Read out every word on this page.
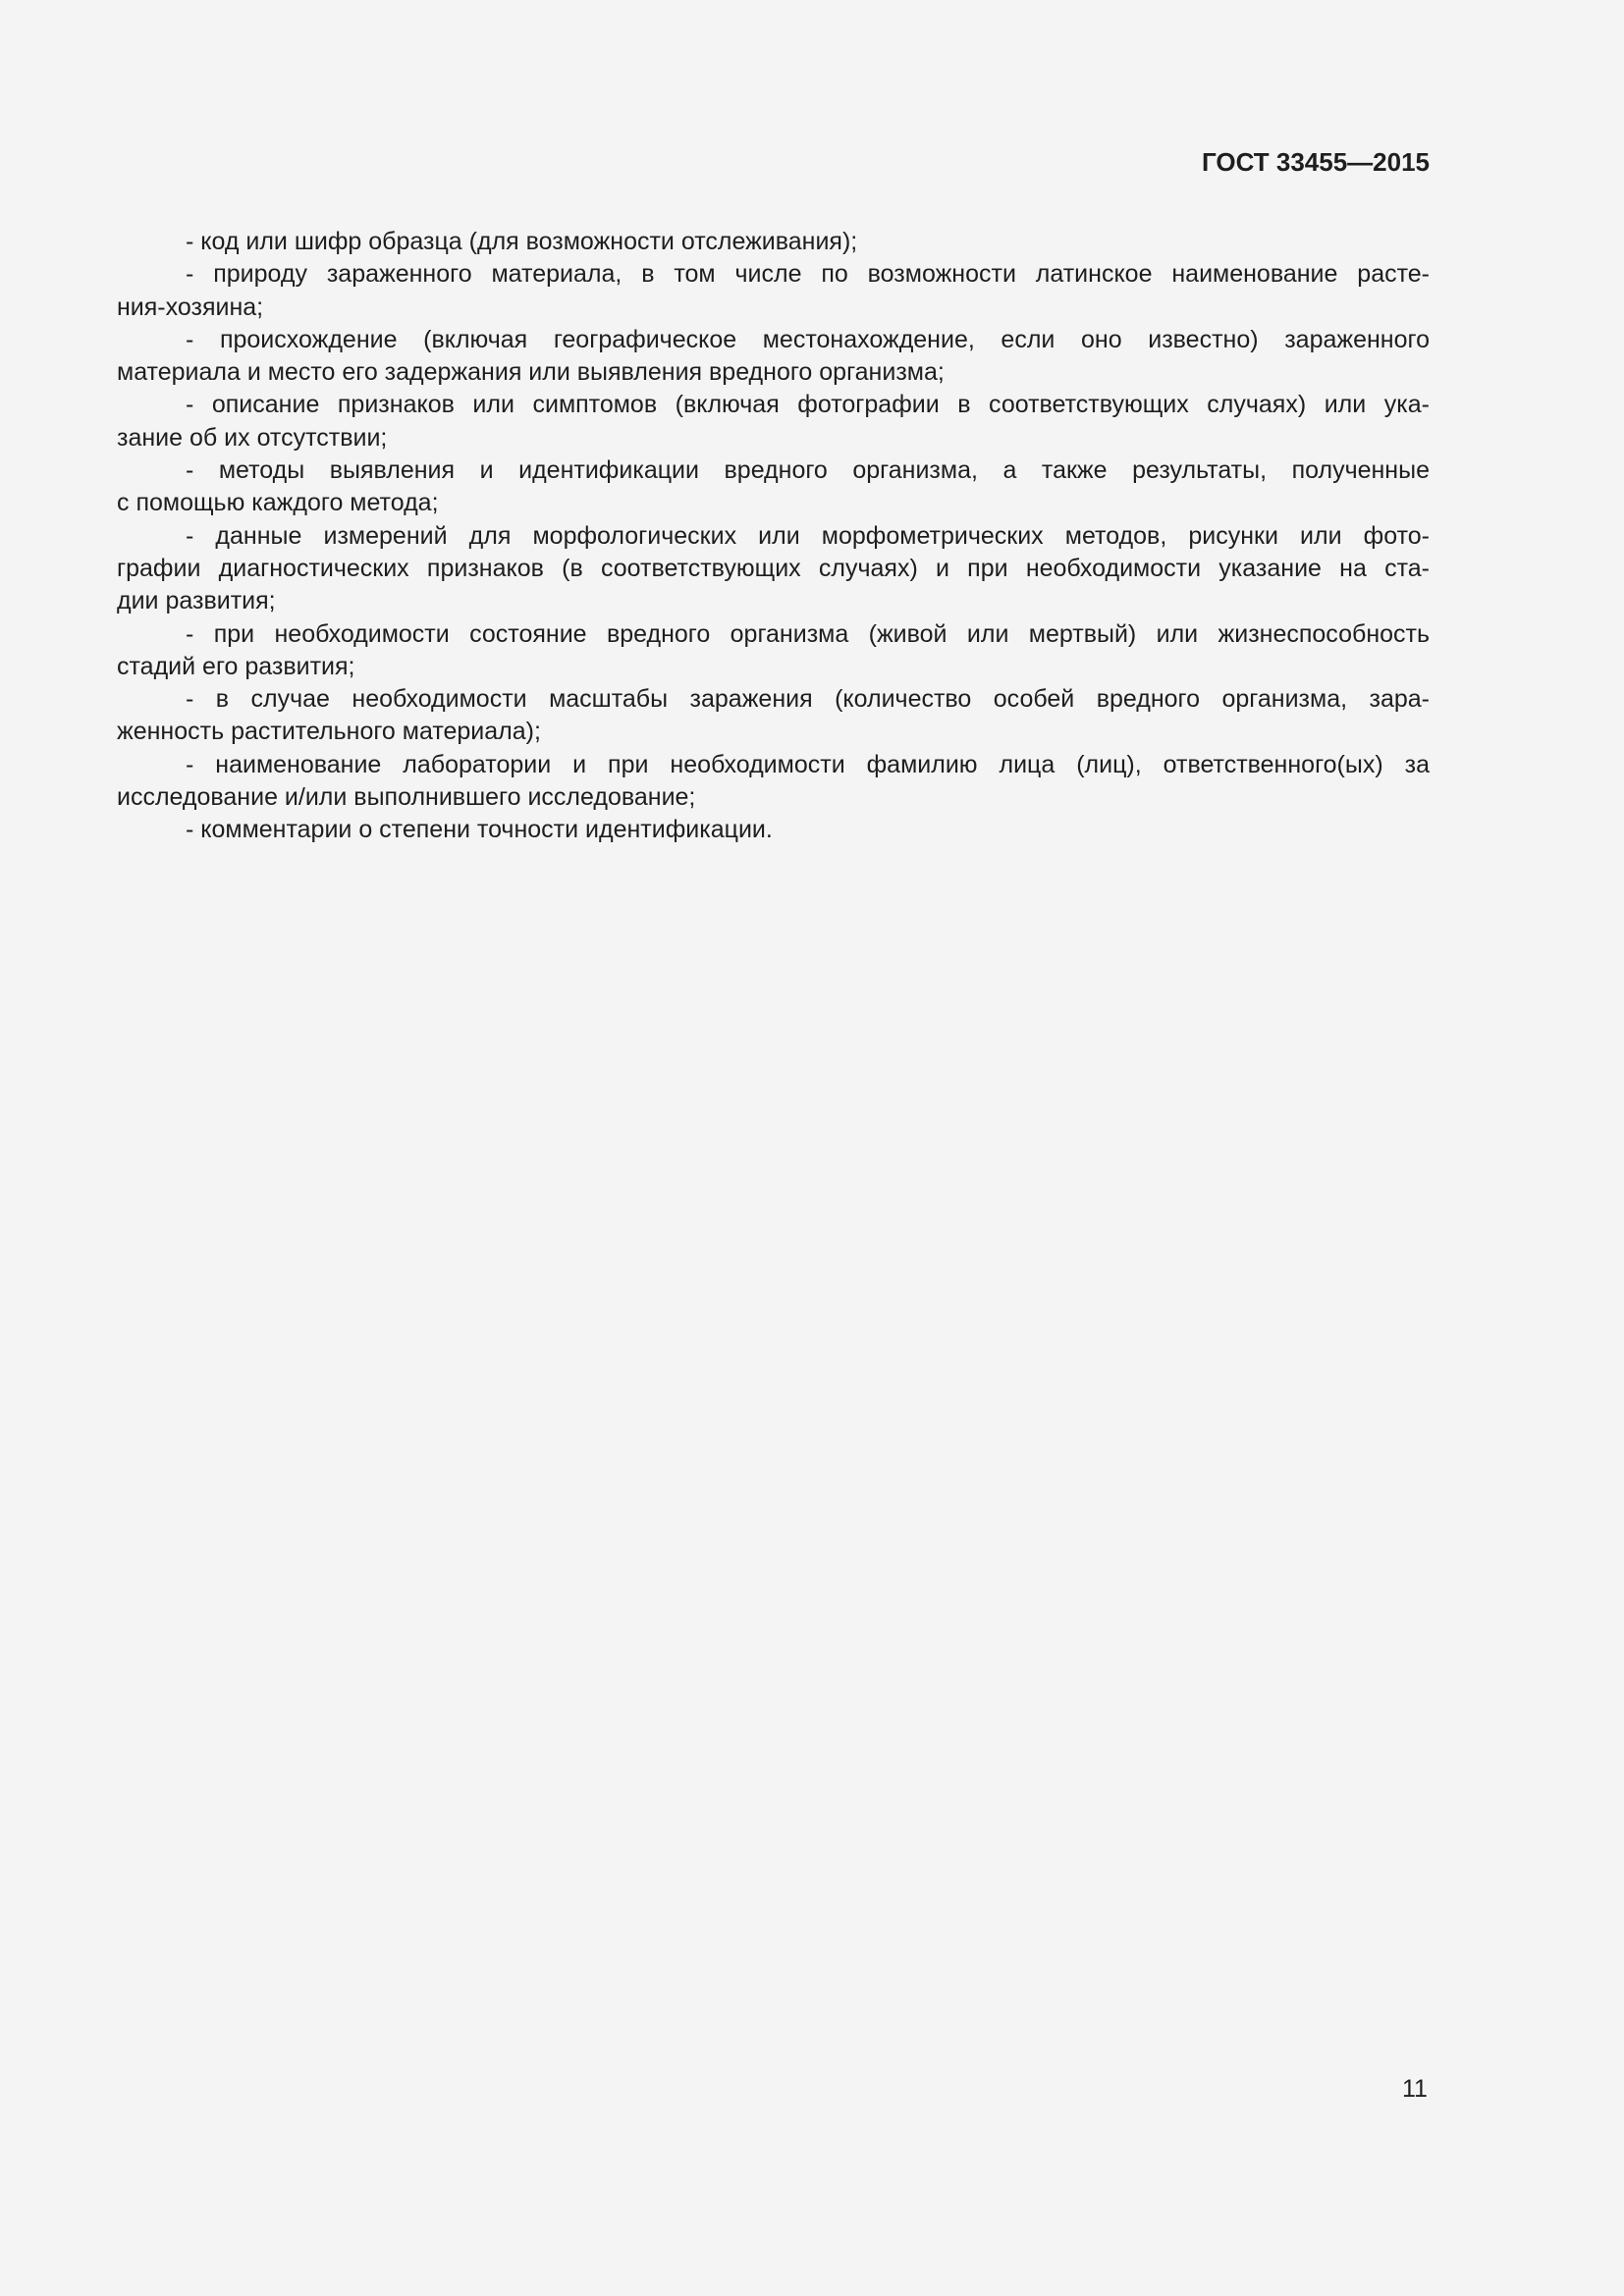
ГОСТ 33455—2015
- код или шифр образца (для возможности отслеживания);
- природу зараженного материала, в том числе по возможности латинское наименование расте-
ния-хозяина;
- происхождение (включая географическое местонахождение, если оно известно) зараженного
материала и место его задержания или выявления вредного организма;
- описание признаков или симптомов (включая фотографии в соответствующих случаях) или ука-
зание об их отсутствии;
- методы выявления и идентификации вредного организма, а также результаты, полученные
с помощью каждого метода;
- данные измерений для морфологических или морфометрических методов, рисунки или фото-
графии диагностических признаков (в соответствующих случаях) и при необходимости указание на ста-
дии развития;
- при необходимости состояние вредного организма (живой или мертвый) или жизнеспособность
стадий его развития;
- в случае необходимости масштабы заражения (количество особей вредного организма, зара-
женность растительного материала);
- наименование лаборатории и при необходимости фамилию лица (лиц), ответственного(ых) за
исследование и/или выполнившего исследование;
- комментарии о степени точности идентификации.
11
